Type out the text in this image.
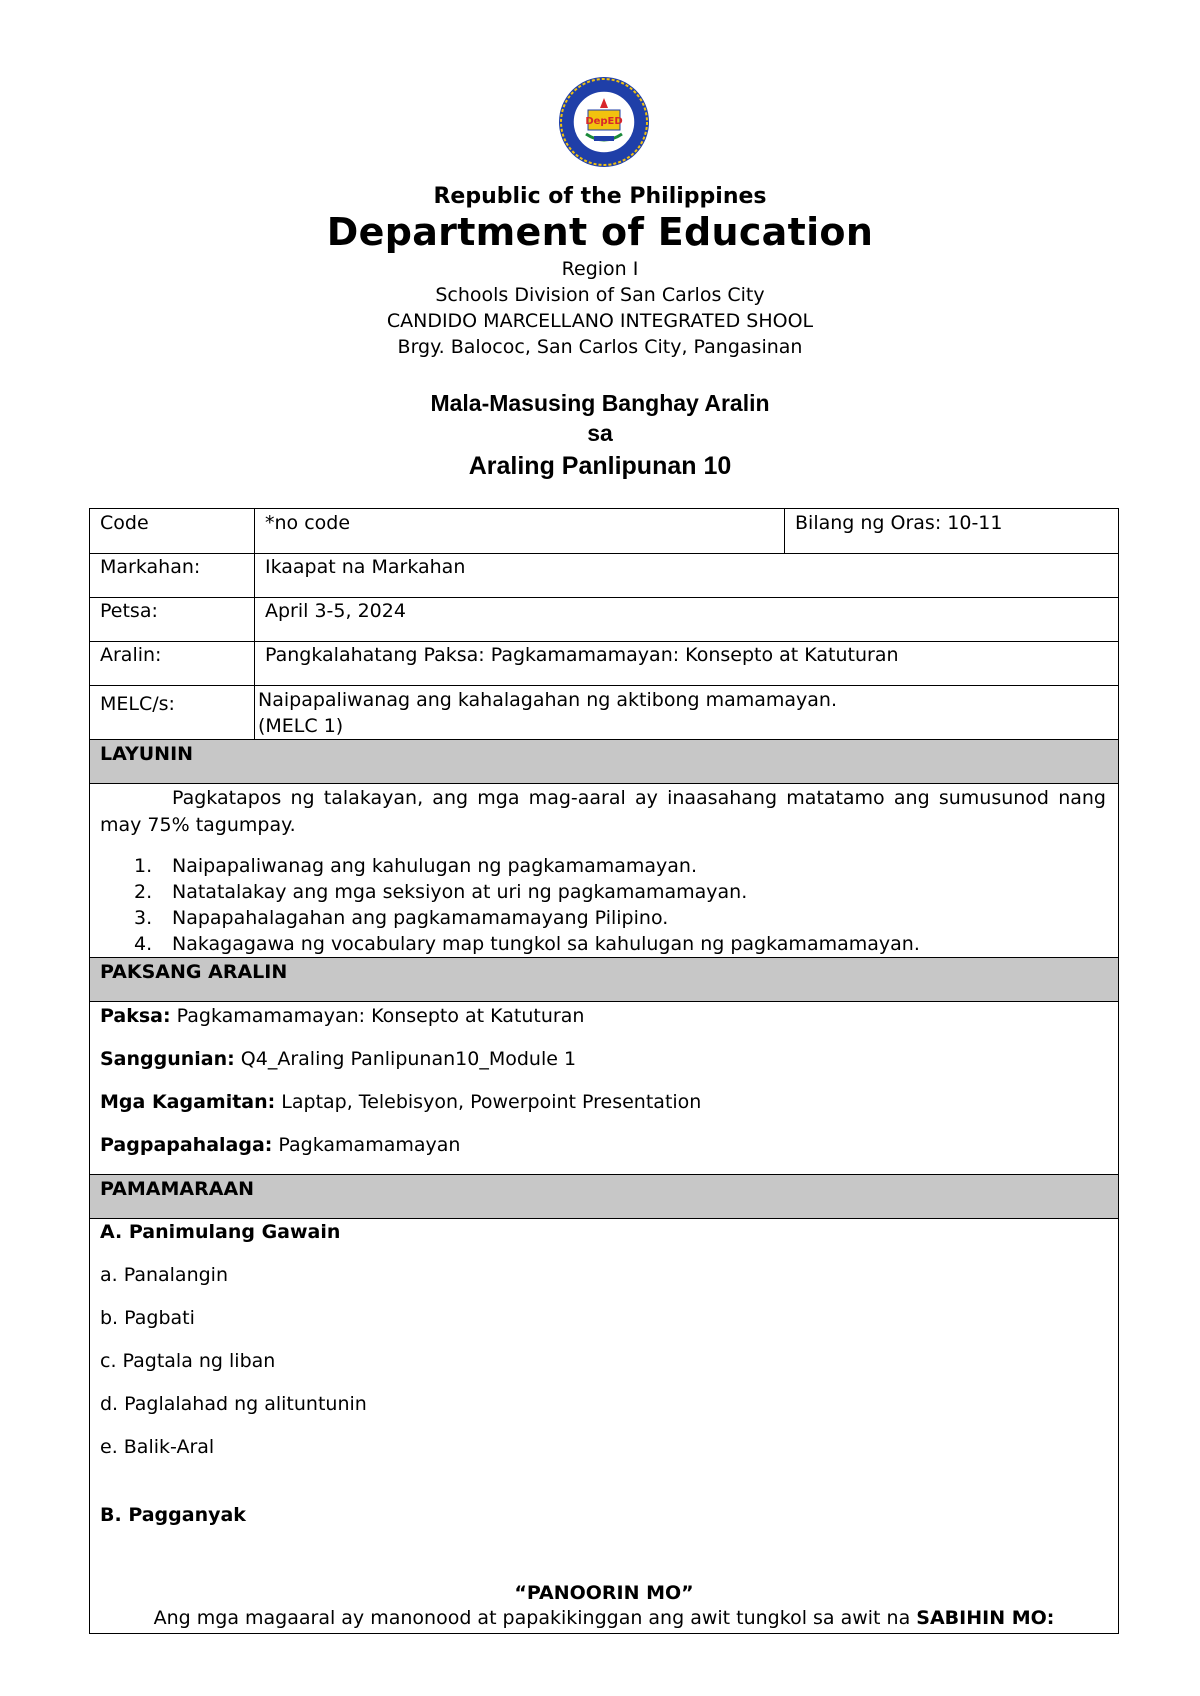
DepED
Republic of the Philippines
Department of Education
Region I
Schools Division of San Carlos City
CANDIDO MARCELLANO INTEGRATED SHOOL
Brgy. Balococ, San Carlos City, Pangasinan
Mala-Masusing Banghay Aralin
sa
Araling Panlipunan 10
Code	*no code	Bilang ng Oras: 10-11
Markahan:	Ikaapat na Markahan
Petsa:	April 3-5, 2024
Aralin:	Pangkalahatang Paksa: Pagkamamamayan: Konsepto at Katuturan
MELC/s:	Naipapaliwanag ang kahalagahan ng aktibong mamamayan.
(MELC 1)
LAYUNIN
Pagkatapos ng talakayan, ang mga mag-aaral ay inaasahang matatamo ang sumusunod nang may 75% tagumpay.
1. Naipapaliwanag ang kahulugan ng pagkamamamayan.
2. Natatalakay ang mga seksiyon at uri ng pagkamamamayan.
3. Napapahalagahan ang pagkamamamayang Pilipino.
4. Nakagagawa ng vocabulary map tungkol sa kahulugan ng pagkamamamayan.
PAKSANG ARALIN
Paksa: Pagkamamamayan: Konsepto at Katuturan
Sanggunian: Q4_Araling Panlipunan10_Module 1
Mga Kagamitan: Laptap, Telebisyon, Powerpoint Presentation
Pagpapahalaga: Pagkamamamayan
PAMAMARAAN
A. Panimulang Gawain
a. Panalangin
b. Pagbati
c. Pagtala ng liban
d. Paglalahad ng alituntunin
e. Balik-Aral
B. Pagganyak
“PANOORIN MO”
Ang mga magaaral ay manonood at papakikinggan ang awit tungkol sa awit na SABIHIN MO:
